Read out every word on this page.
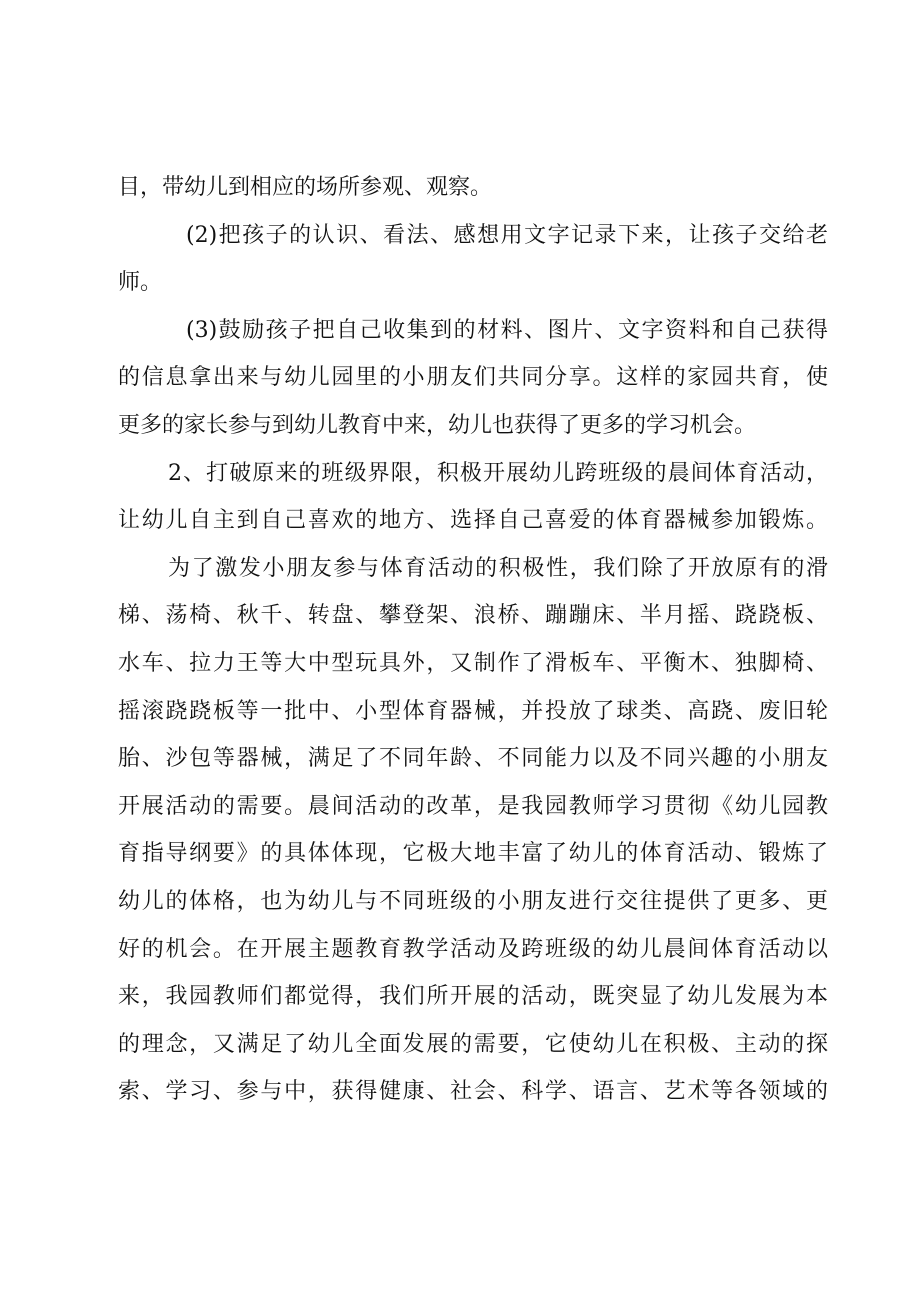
目，带幼儿到相应的场所参观、观察。
(2)把孩子的认识、看法、感想用文字记录下来，让孩子交给老
师。
(3)鼓励孩子把自己收集到的材料、图片、文字资料和自己获得
的信息拿出来与幼儿园里的小朋友们共同分享。这样的家园共育，使
更多的家长参与到幼儿教育中来，幼儿也获得了更多的学习机会。
2、打破原来的班级界限，积极开展幼儿跨班级的晨间体育活动，
让幼儿自主到自己喜欢的地方、选择自己喜爱的体育器械参加锻炼。
为了激发小朋友参与体育活动的积极性，我们除了开放原有的滑
梯、荡椅、秋千、转盘、攀登架、浪桥、蹦蹦床、半月摇、跷跷板、
水车、拉力王等大中型玩具外，又制作了滑板车、平衡木、独脚椅、
摇滚跷跷板等一批中、小型体育器械，并投放了球类、高跷、废旧轮
胎、沙包等器械，满足了不同年龄、不同能力以及不同兴趣的小朋友
开展活动的需要。晨间活动的改革，是我园教师学习贯彻《幼儿园教
育指导纲要》的具体体现，它极大地丰富了幼儿的体育活动、锻炼了
幼儿的体格，也为幼儿与不同班级的小朋友进行交往提供了更多、更
好的机会。在开展主题教育教学活动及跨班级的幼儿晨间体育活动以
来，我园教师们都觉得，我们所开展的活动，既突显了幼儿发展为本
的理念，又满足了幼儿全面发展的需要，它使幼儿在积极、主动的探
索、学习、参与中，获得健康、社会、科学、语言、艺术等各领域的
